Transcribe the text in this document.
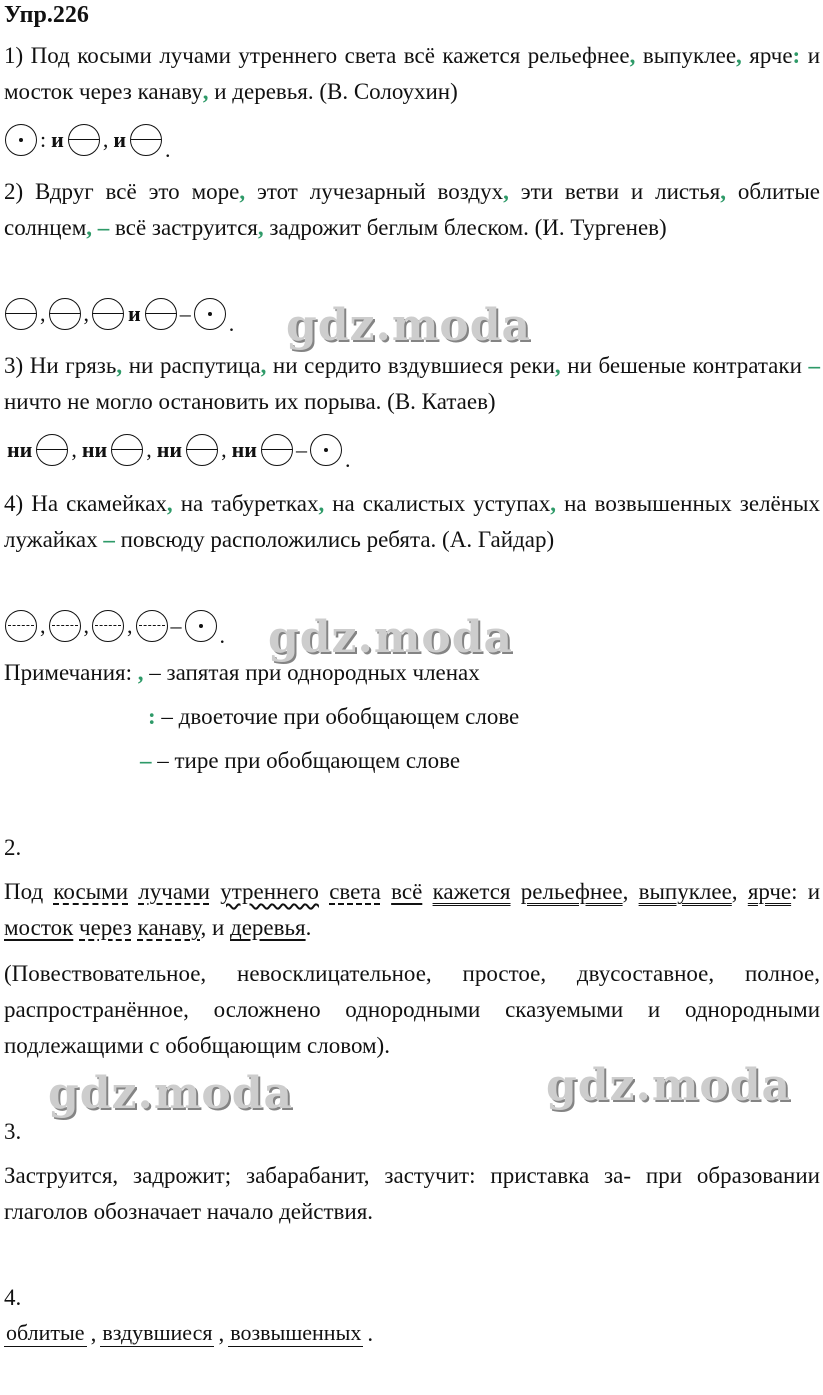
Упр.226
1) Под косыми лучами утреннего света всё кажется рельефнее, выпуклее, ярче: и мосток через канаву, и деревья. (В. Солоухин)
: и , и .
2) Вдруг всё это море, этот лучезарный воздух, эти ветви и листья, облитые солнцем, – всё заструится, задрожит беглым блеском. (И. Тургенев)
, , и – . gdz.moda
3) Ни грязь, ни распутица, ни сердито вздувшиеся реки, ни бешеные контратаки – ничто не могло остановить их порыва. (В. Катаев)
ни , ни , ни , ни – .
4) На скамейках, на табуретках, на скалистых уступах, на возвышенных зелёных лужайках – повсюду расположились ребята. (А. Гайдар)
, , , – . gdz.moda
Примечания: , – запятая при однородных членах
: – двоеточие при обобщающем слове
– – тире при обобщающем слове
2.
Под косыми лучами утреннего света всё кажется рельефнее, выпуклее, ярче: и мосток через канаву, и деревья.
(Повествовательное, невосклицательное, простое, двусоставное, полное, распространённое, осложнено однородными сказуемыми и однородными подлежащими с обобщающим словом).
gdz.moda	gdz.moda
3.
Заструится, задрожит; забарабанит, застучит: приставка за- при образовании глаголов обозначает начало действия.
4.
облитые , вздувшиеся , возвышенных .
